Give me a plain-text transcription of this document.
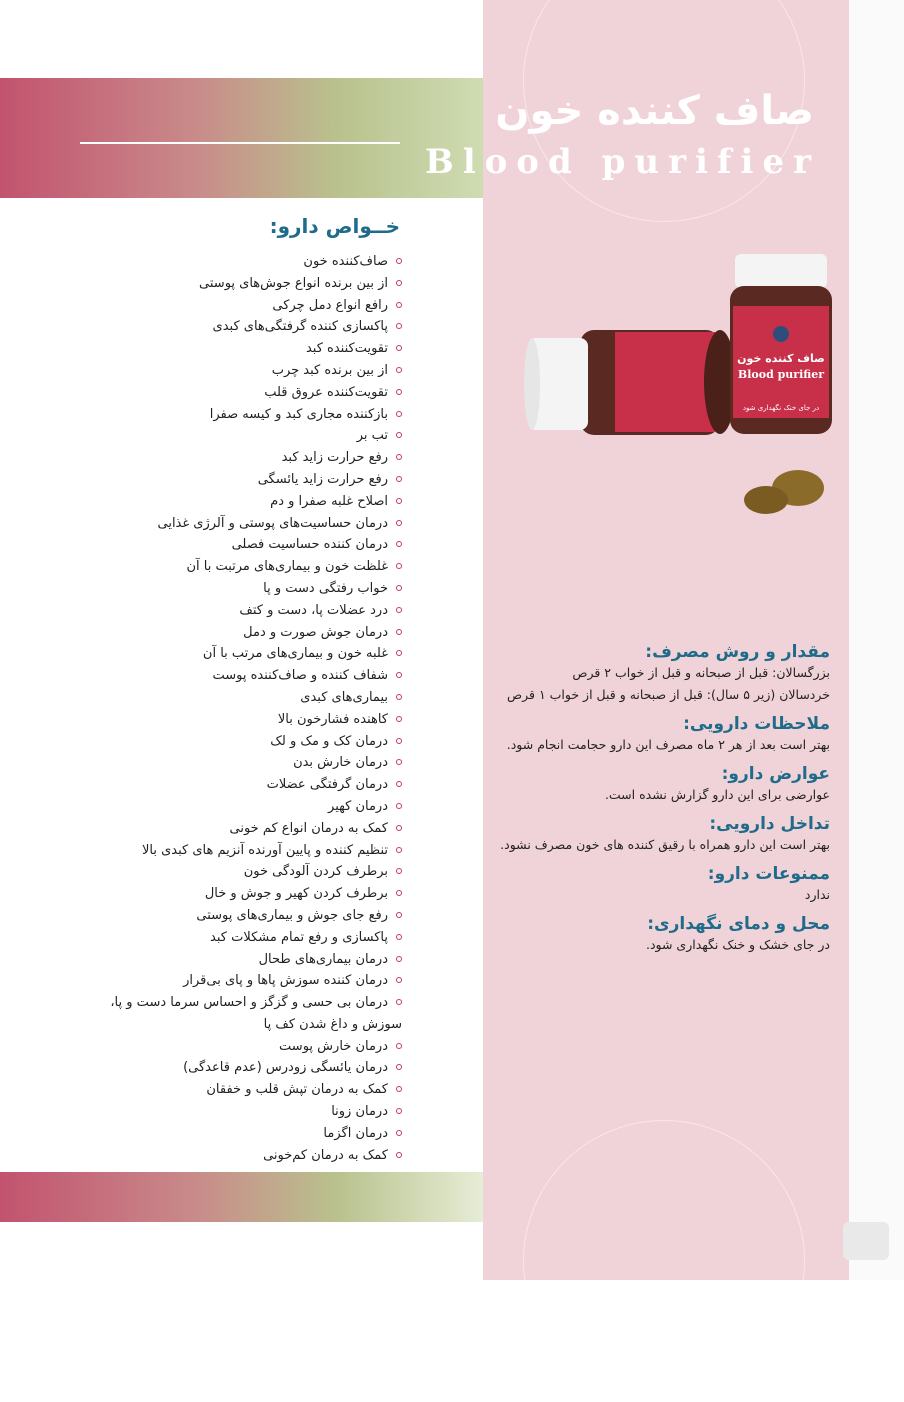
صاف کننده خون
Blood purifier
خــواص دارو:
صاف‌کننده خون
از بین برنده انواع جوش‌های پوستی
رافع انواع دمل چرکی
پاکسازی کننده گرفتگی‌های کبدی
تقویت‌کننده کبد
از بین برنده کبد چرب
تقویت‌کننده عروق قلب
بازکننده مجاری کبد و کیسه صفرا
تب بر
رفع حرارت زاید کبد
رفع حرارت زاید یائسگی
اصلاح غلبه صفرا و دم
درمان حساسیت‌های پوستی و آلرژی غذایی
درمان کننده حساسیت فصلی
غلظت خون و بیماری‌های مرتبت با آن
خواب رفتگی دست و پا
درد عضلات پا، دست و کتف
درمان جوش صورت و دمل
غلبه خون و بیماری‌های مرتب با آن
شفاف کننده و صاف‌کننده پوست
بیماری‌های کبدی
کاهنده فشارخون بالا
درمان کک و مک و لک
درمان خارش بدن
درمان گرفتگی عضلات
درمان کهیر
کمک به درمان انواع کم خونی
تنظیم کننده و پایین آورنده آنزیم های کبدی بالا
برطرف کردن آلودگی خون
برطرف کردن کهیر و جوش و خال
رفع جای جوش و بیماری‌های پوستی
پاکسازی و رفع تمام مشکلات کبد
درمان بیماری‌های طحال
درمان کننده سوزش پاها و پای بی‌قرار
درمان بی حسی و گزگز و احساس سرما دست و پا،
سوزش و داغ شدن کف پا
درمان خارش پوست
درمان یائسگی زودرس (عدم قاعدگی)
کمک به درمان تپش قلب و خفقان
درمان زونا
درمان اگزما
کمک به درمان کم‌خونی
صاف کننده خون
Blood purifier
در جای خنک نگهداری شود
مقدار و روش مصرف:
بزرگسالان: قبل از صبحانه و قبل از خواب ۲ قرص
خردسالان (زیر ۵ سال): قبل از صبحانه و قبل از خواب ۱ قرص
ملاحظات دارویی:
بهتر است بعد از هر ۲ ماه مصرف این دارو حجامت انجام شود.
عوارض دارو:
عوارضی برای این دارو گزارش نشده است.
تداخل دارویی:
بهتر است این دارو همراه با رقیق کننده های خون مصرف نشود.
ممنوعات دارو:
ندارد
محل و دمای نگهداری:
در جای خشک و خنک نگهداری شود.
